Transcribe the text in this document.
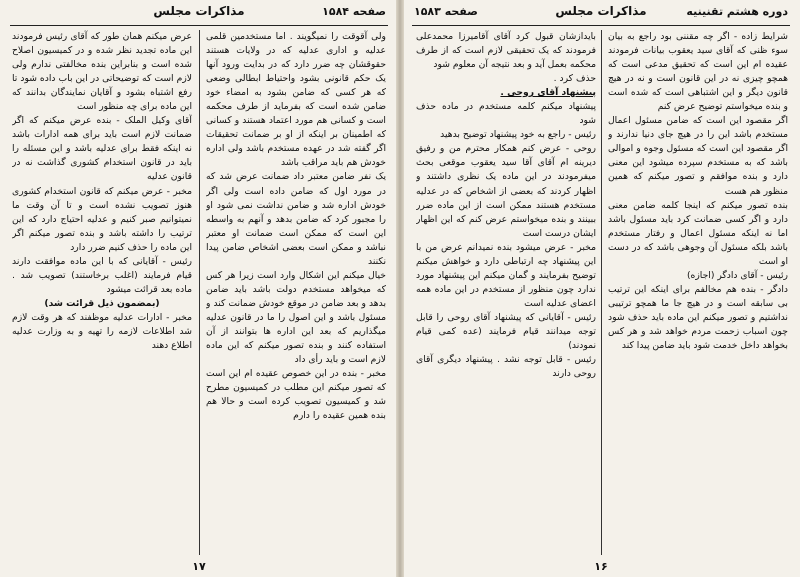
صفحه ۱۵۸۴
مذاکرات مجلس

ولی آقوقت را نمیگویند . اما مستخدمین قلمی عدلیه و اداری عدلیه که در ولایات هستند حقوقشان چه ضرر دارد که در بدایت ورود آنها یک حکم قانونی بشود واحتیاط ابطالی وضعی که هر کسی که ضامن بشود به امضاء خود ضامن شده است که بفرماید از طرف محکمه است و کسانی هم مورد اعتماد هستند و کسانی که اطمینان بر اینکه از او بر ضمانت تحقیقات اگر گفته شد در عهده مستخدم باشد ولی اداره خودش هم باید مراقب باشد

یک نفر ضامن معتبر داد ضمانت عرض شد که در مورد اول که ضامن داده است ولی اگر خودش اداره شد و ضامن نداشت نمی شود او را مجبور کرد که ضامن بدهد و آنهم به واسطه این است که ممکن است ضمانت او معتبر نباشد و ممکن است بعضی اشخاص ضامن پیدا نکنند

خیال میکنم این اشکال وارد است زیرا هر کس که میخواهد مستخدم دولت باشد باید ضامن بدهد و بعد ضامن در موقع خودش ضمانت کند و مسئول باشد و این اصول را ما در قانون عدلیه میگذاریم که بعد این اداره ها بتوانند از آن استفاده کنند و بنده تصور میکنم که این ماده لازم است و باید رأی داد

مخبر - بنده در این خصوص عقیده ام این است که تصور میکنم این مطلب در کمیسیون مطرح شد و کمیسیون تصویب کرده است و حالا هم بنده همین عقیده را دارم

عرض میکنم همان طور که آقای رئیس فرمودند این ماده تجدید نظر شده و در کمیسیون اصلاح شده است و بنابراین بنده مخالفتی ندارم ولی لازم است که توضیحاتی در این باب داده شود تا رفع اشتباه بشود و آقایان نمایندگان بدانند که این ماده برای چه منظور است

آقای وکیل الملک - بنده عرض میکنم که اگر ضمانت لازم است باید برای همه ادارات باشد نه اینکه فقط برای عدلیه باشد و این مسئله را باید در قانون استخدام کشوری گذاشت نه در قانون عدلیه

مخبر - عرض میکنم که قانون استخدام کشوری هنوز تصویب نشده است و تا آن وقت ما نمیتوانیم صبر کنیم و عدلیه احتیاج دارد که این ترتیب را داشته باشد و بنده تصور میکنم اگر این ماده را حذف کنیم ضرر دارد

رئیس - آقایانی که با این ماده موافقت دارند قیام فرمایند (اغلب برخاستند) تصویب شد . ماده بعد قرائت میشود

(بمضمون ذیل قرائت شد)

مخبر - ادارات عدلیه موظفند که هر وقت لازم شد اطلاعات لازمه را تهیه و به وزارت عدلیه اطلاع دهند

۱۷
دوره هشتم تقنینیه
مذاکرات مجلس
صفحه ۱۵۸۳

شرایط زاده - اگر چه مقننی بود راجع به بیان سوء ظنی که آقای سید یعقوب بیانات فرمودند عقیده ام این است که تحقیق مدعی است که همچو چیزی نه در این قانون است و نه در هیچ قانون دیگر و این اشتباهی است که شده است و بنده میخواستم توضیح عرض کنم

اگر مقصود این است که ضامن مسئول اعمال مستخدم باشد این را در هیچ جای دنیا ندارند و اگر مقصود این است که مسئول وجوه و اموالی باشد که به مستخدم سپرده میشود این معنی دارد و بنده موافقم و تصور میکنم که همین منظور هم هست

بنده تصور میکنم که اینجا کلمه ضامن معنی دارد و اگر کسی ضمانت کرد باید مسئول باشد اما نه اینکه مسئول اعمال و رفتار مستخدم باشد بلکه مسئول آن وجوهی باشد که در دست او است

رئیس - آقای دادگر (اجازه)

دادگر - بنده هم مخالفم برای اینکه این ترتیب بی سابقه است و در هیچ جا ما همچو ترتیبی نداشتیم و تصور میکنم این ماده باید حذف شود چون اسباب زحمت مردم خواهد شد و هر کس بخواهد داخل خدمت شود باید ضامن پیدا کند

بایدازشان قبول کرد آقای آقامیرزا محمدعلی فرمودند که یک تحقیقی لازم است که از طرف محکمه بعمل آید و بعد نتیجه آن معلوم شود

حذف کرد .

پیشنهاد آقای روحی .

پیشنهاد میکنم کلمه مستخدم در ماده حذف شود

رئیس - راجع به خود پیشنهاد توضیح بدهید

روحی - عرض کنم همکار محترم من و رفیق دیرینه ام آقای آقا سید یعقوب موقعی بحث میفرمودند در این ماده یک نظری داشتند و اظهار کردند که بعضی از اشخاص که در عدلیه مستخدم هستند ممکن است از این ماده ضرر ببینند و بنده میخواستم عرض کنم که این اظهار ایشان درست است

مخبر - عرض میشود بنده نمیدانم عرض من با این پیشنهاد چه ارتباطی دارد و خواهش میکنم توضیح بفرمایند و گمان میکنم این پیشنهاد مورد ندارد چون منظور از مستخدم در این ماده همه اعضای عدلیه است

رئیس - آقایانی که پیشنهاد آقای روحی را قابل توجه میدانند قیام فرمایند (عده کمی قیام نمودند)

رئیس - قابل توجه نشد . پیشنهاد دیگری آقای روحی دارند

۱۶
